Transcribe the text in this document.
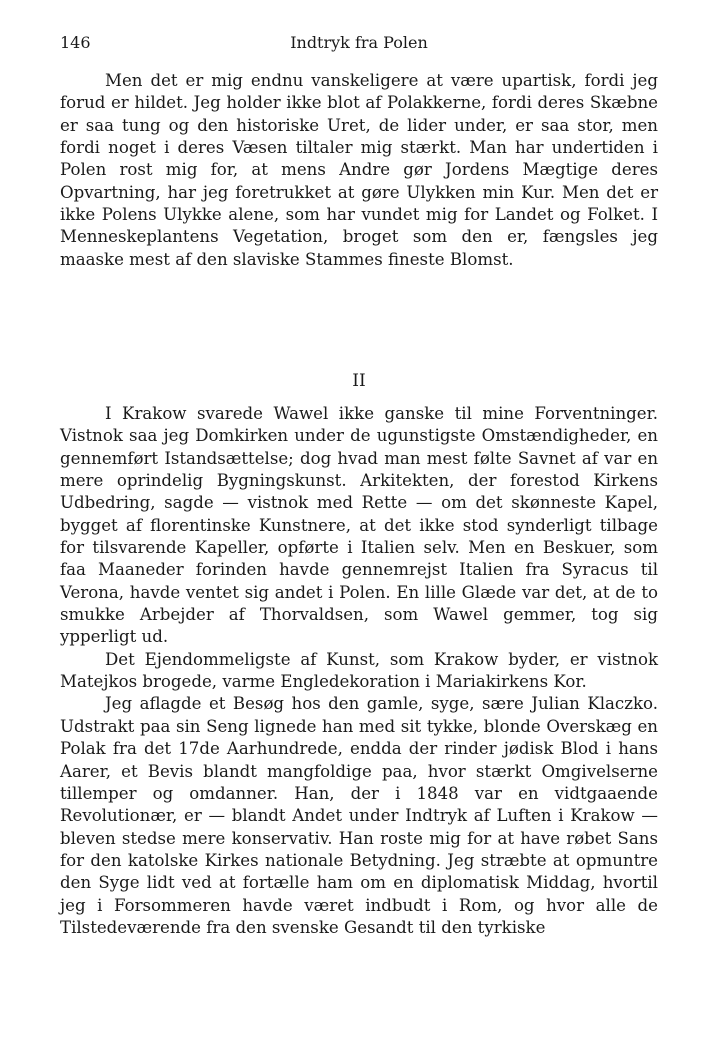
146	Indtryk fra Polen

Men det er mig endnu vanskeligere at være upartisk, fordi jeg forud er hildet. Jeg holder ikke blot af Polakkerne, fordi deres Skæbne er saa tung og den historiske Uret, de lider under, er saa stor, men fordi noget i deres Væsen tiltaler mig stærkt. Man har undertiden i Polen rost mig for, at mens Andre gør Jordens Mægtige deres Opvartning, har jeg foretrukket at gøre Ulykken min Kur. Men det er ikke Polens Ulykke alene, som har vundet mig for Landet og Folket. I Menneskeplantens Vegetation, broget som den er, fængsles jeg maaske mest af den slaviske Stammes fineste Blomst.

II

I Krakow svarede Wawel ikke ganske til mine Forventninger. Vistnok saa jeg Domkirken under de ugunstigste Omstændigheder, en gennemført Istandsættelse; dog hvad man mest følte Savnet af var en mere oprindelig Bygningskunst. Arkitekten, der forestod Kirkens Udbedring, sagde — vistnok med Rette — om det skønneste Kapel, bygget af florentinske Kunstnere, at det ikke stod synderligt tilbage for tilsvarende Kapeller, opførte i Italien selv. Men en Beskuer, som faa Maaneder forinden havde gennemrejst Italien fra Syracus til Verona, havde ventet sig andet i Polen. En lille Glæde var det, at de to smukke Arbejder af Thorvaldsen, som Wawel gemmer, tog sig ypperligt ud.

Det Ejendommeligste af Kunst, som Krakow byder, er vistnok Matejkos brogede, varme Engledekoration i Mariakirkens Kor.

Jeg aflagde et Besøg hos den gamle, syge, sære Julian Klaczko. Udstrakt paa sin Seng lignede han med sit tykke, blonde Overskæg en Polak fra det 17de Aarhundrede, endda der rinder jødisk Blod i hans Aarer, et Bevis blandt mangfoldige paa, hvor stærkt Omgivelserne tillemper og omdanner. Han, der i 1848 var en vidtgaaende Revolutionær, er — blandt Andet under Indtryk af Luften i Krakow — bleven stedse mere konservativ. Han roste mig for at have røbet Sans for den katolske Kirkes nationale Betydning. Jeg stræbte at opmuntre den Syge lidt ved at fortælle ham om en diplomatisk Middag, hvortil jeg i Forsommeren havde været indbudt i Rom, og hvor alle de Tilstedeværende fra den svenske Gesandt til den tyrkiske
